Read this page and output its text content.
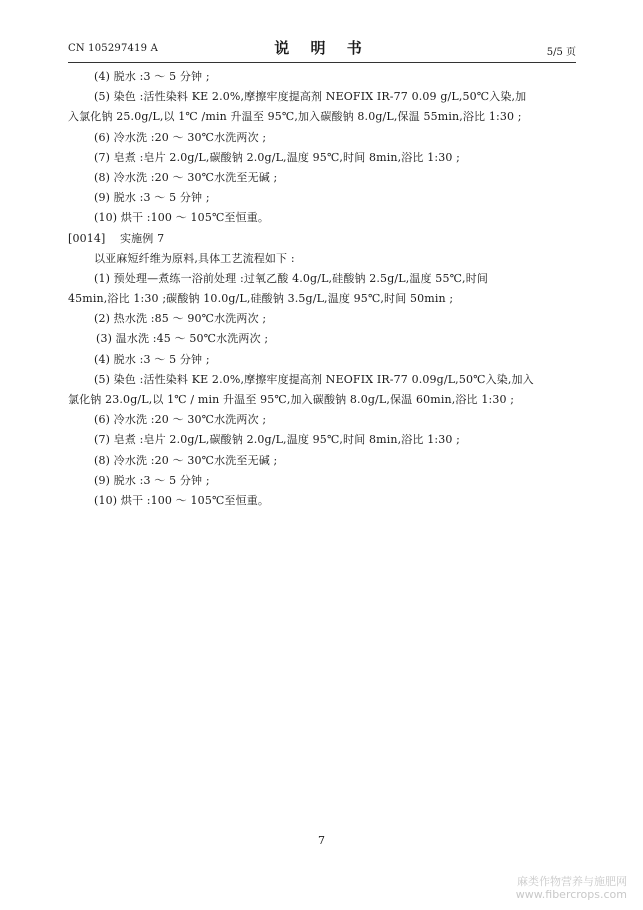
CN 105297419 A	说 明 书	5/5 页
(4) 脱水 :3 ～ 5 分钟 ;
(5) 染色 :活性染料 KE 2.0%,摩擦牢度提高剂 NEOFIX IR-77 0.09 g/L,50℃入染,加
入氯化钠 25.0g/L,以 1℃ /min 升温至 95℃,加入碳酸钠 8.0g/L,保温 55min,浴比 1:30 ;
(6) 冷水洗 :20 ～ 30℃水洗两次 ;
(7) 皂煮 :皂片 2.0g/L,碳酸钠 2.0g/L,温度 95℃,时间 8min,浴比 1:30 ;
(8) 冷水洗 :20 ～ 30℃水洗至无碱 ;
(9) 脱水 :3 ～ 5 分钟 ;
(10) 烘干 :100 ～ 105℃至恒重。
[0014] 实施例 7
以亚麻短纤维为原料,具体工艺流程如下 :
(1) 预处理—煮练一浴前处理 :过氧乙酸 4.0g/L,硅酸钠 2.5g/L,温度 55℃,时间
45min,浴比 1:30 ;碳酸钠 10.0g/L,硅酸钠 3.5g/L,温度 95℃,时间 50min ;
(2) 热水洗 :85 ～ 90℃水洗两次 ;
(3) 温水洗 :45 ～ 50℃水洗两次 ;
(4) 脱水 :3 ～ 5 分钟 ;
(5) 染色 :活性染料 KE 2.0%,摩擦牢度提高剂 NEOFIX IR-77 0.09g/L,50℃入染,加入
氯化钠 23.0g/L,以 1℃ / min 升温至 95℃,加入碳酸钠 8.0g/L,保温 60min,浴比 1:30 ;
(6) 冷水洗 :20 ～ 30℃水洗两次 ;
(7) 皂煮 :皂片 2.0g/L,碳酸钠 2.0g/L,温度 95℃,时间 8min,浴比 1:30 ;
(8) 冷水洗 :20 ～ 30℃水洗至无碱 ;
(9) 脱水 :3 ～ 5 分钟 ;
(10) 烘干 :100 ～ 105℃至恒重。
7
麻类作物营养与施肥网
www.fibercrops.com
